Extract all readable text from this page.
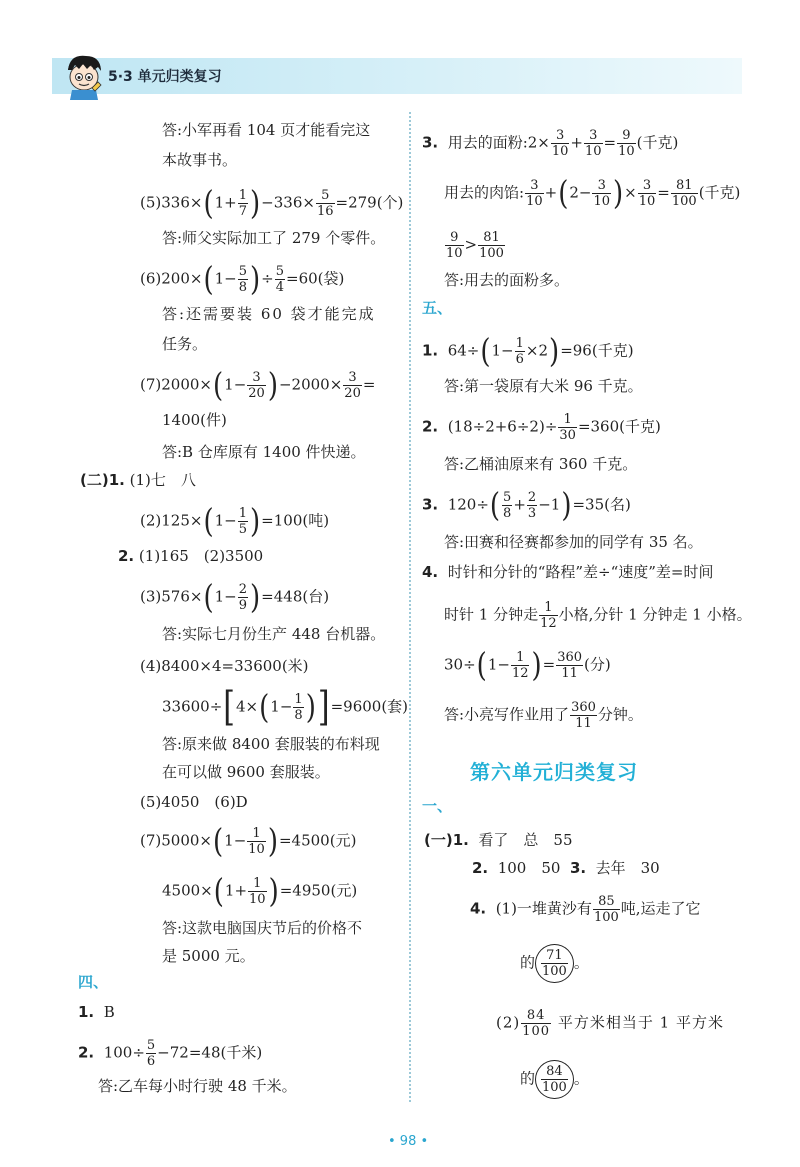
5·3 单元归类复习
答:小军再看 104 页才能看完这
本故事书。
$(5)336\times(1+ \frac{1}{7} )-336\times \frac{5}{16} =279$(个)
答:师父实际加工了 279 个零件。
$(6)200\times(1- \frac{5}{8}$ )÷ $\frac{5}{4} =60$(袋)
答:还需要装 60 袋才能完成
任务。
$(7)2000\times(1- \frac{3}{20} )-2000\times \frac{3}{20}$ =
1400(件)
答:B 仓库原有 1400 件快递。
(二)1. (1)七　八
$(2)125\times(1- \frac{1}{5} )=100$(吨)
2. (1)165　(2)3500
$(3)576\times(1- \frac{2}{9} )=448$(台)
答:实际七月份生产 448 台机器。
(4)8400×4=33600(米)
$33600\div[4\times(1- \frac{1}{8} )]=9600$(套)
答:原来做 8400 套服装的布料现
在可以做 9600 套服装。
(5)4050　(6)D
$(7)5000\times(1- \frac{1}{10} )=4500$(元)
$4500\times(1+ \frac{1}{10} )=4950$(元)
答:这款电脑国庆节后的价格不
是 5000 元。
四、
1. B
2. $100\div \frac{5}{6} -72=48$(千米)
答:乙车每小时行驶 48 千米。
3. 用去的面粉:2× $\frac{3}{10} + \frac{3}{10} = \frac{9}{10}$ (千克)
用去的肉馅: $\frac{3}{10} +(2- \frac{3}{10}$ )× $\frac{3}{10} = \frac{81}{100}$ (千克)
$\frac{9}{10} > \frac{81}{100}$
答:用去的面粉多。
五、
1. $64\div(1- \frac{1}{6} \times 2)=96$(千克)
答:第一袋原有大米 96 千克。
2. $(18\div 2+6\div 2)\div \frac{1}{30} =360$(千克)
答:乙桶油原来有 360 千克。
3. $120\div( \frac{5}{8} + \frac{2}{3} -1)=35$(名)
答:田赛和径赛都参加的同学有 35 名。
4. 时针和分针的“路程”差÷“速度”差=时间
时针 1 分钟走 $\frac{1}{12}$ 小格,分针 1 分钟走 1 小格。
$30\div(1- \frac{1}{12}$ )= $\frac{360}{11}$ (分)
答:小亮写作业用了 $\frac{360}{11}$ 分钟。
第六单元归类复习
一、
(一)1. 看了　总　55
2. 100　50 3. 去年　30
4. (1)一堆黄沙有 $\frac{85}{100}$ 吨,运走了它
的 $\frac{71}{100}$ 。
$(2) \frac{84}{100}$ 平方米相当于 1 平方米
的 $\frac{84}{100}$ 。
• 98 •
